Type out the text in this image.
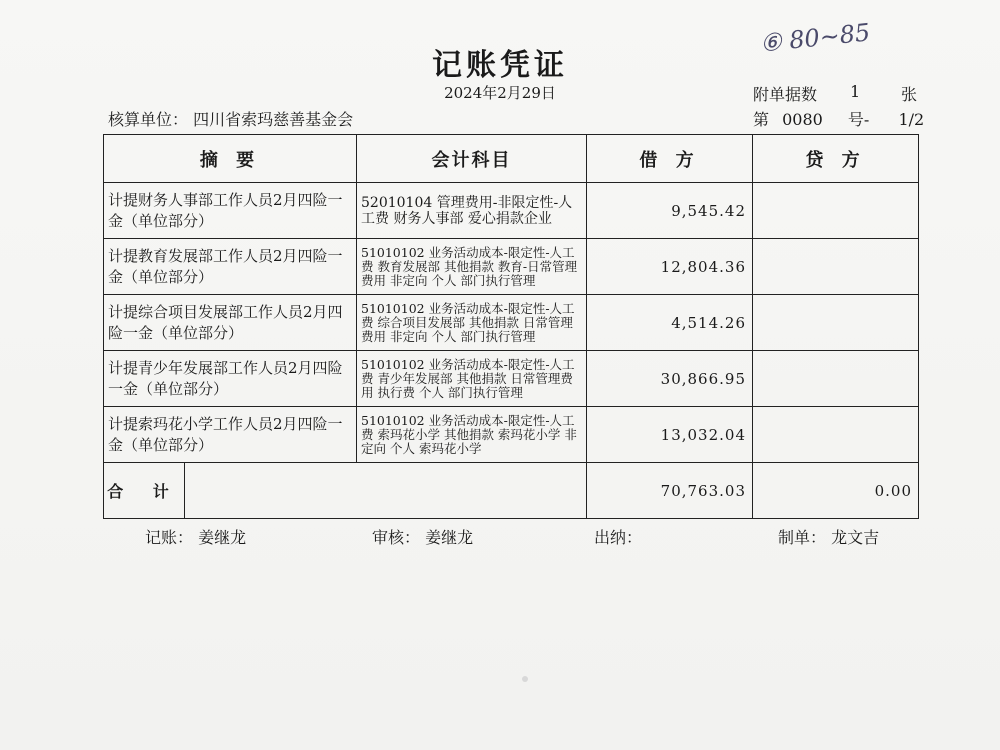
记账凭证
⑥ 80~85
2024年2月29日	附单据数 1	张
核算单位： 四川省索玛慈善基金会	第 0080 号- 1/2
摘 要	会计科目	借 方	贷 方
计提财务人事部工作人员2月四险一金（单位部分）	52010104 管理费用-非限定性-人工费 财务人事部 爱心捐款企业	9,545.42	
计提教育发展部工作人员2月四险一金（单位部分）	51010102 业务活动成本-限定性-人工费 教育发展部 其他捐款 教育-日常管理费用 非定向 个人 部门执行管理	12,804.36	
计提综合项目发展部工作人员2月四险一金（单位部分）	51010102 业务活动成本-限定性-人工费 综合项目发展部 其他捐款 日常管理费用 非定向 个人 部门执行管理	4,514.26	
计提青少年发展部工作人员2月四险一金（单位部分）	51010102 业务活动成本-限定性-人工费 青少年发展部 其他捐款 日常管理费用 执行费 个人 部门执行管理	30,866.95	
计提索玛花小学工作人员2月四险一金（单位部分）	51010102 业务活动成本-限定性-人工费 索玛花小学 其他捐款 索玛花小学 非定向 个人 索玛花小学	13,032.04	

合 计		70,763.03	0.00
记账： 姜继龙	审核： 姜继龙	出纳：	制单： 龙文吉
